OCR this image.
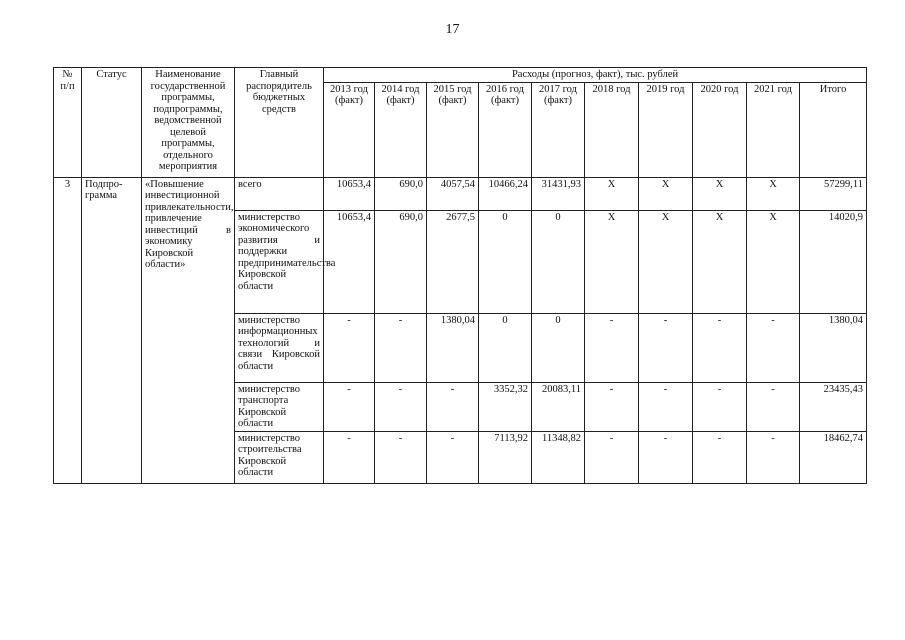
17
№ п/п	Статус	Наименование государственной программы, подпрограммы, ведомственной целевой программы, отдельного мероприятия	Главный распорядитель бюджетных средств	Расходы (прогноз, факт), тыс. рублей									
				2013 год (факт)	2014 год (факт)	2015 год (факт)	2016 год (факт)	2017 год (факт)	2018 год	2019 год	2020 год	2021 год	Итого
3	Подпро-грамма	«Повышение инвестиционной привлекательности, привлечение инвестиций в экономику Кировской области»	всего	10653,4	690,0	4057,54	10466,24	31431,93	Х	Х	Х	Х	57299,11
			министерство экономического развития и поддержки предпринимательства Кировской области	10653,4	690,0	2677,5	0	0	Х	Х	Х	Х	14020,9
			министерство информационных технологий и связи Кировской области	-	-	1380,04	0	0	-	-	-	-	1380,04
			министерство транспорта Кировской области	-	-	-	3352,32	20083,11	-	-	-	-	23435,43
			министерство строительства Кировской области	-	-	-	7113,92	11348,82	-	-	-	-	18462,74
